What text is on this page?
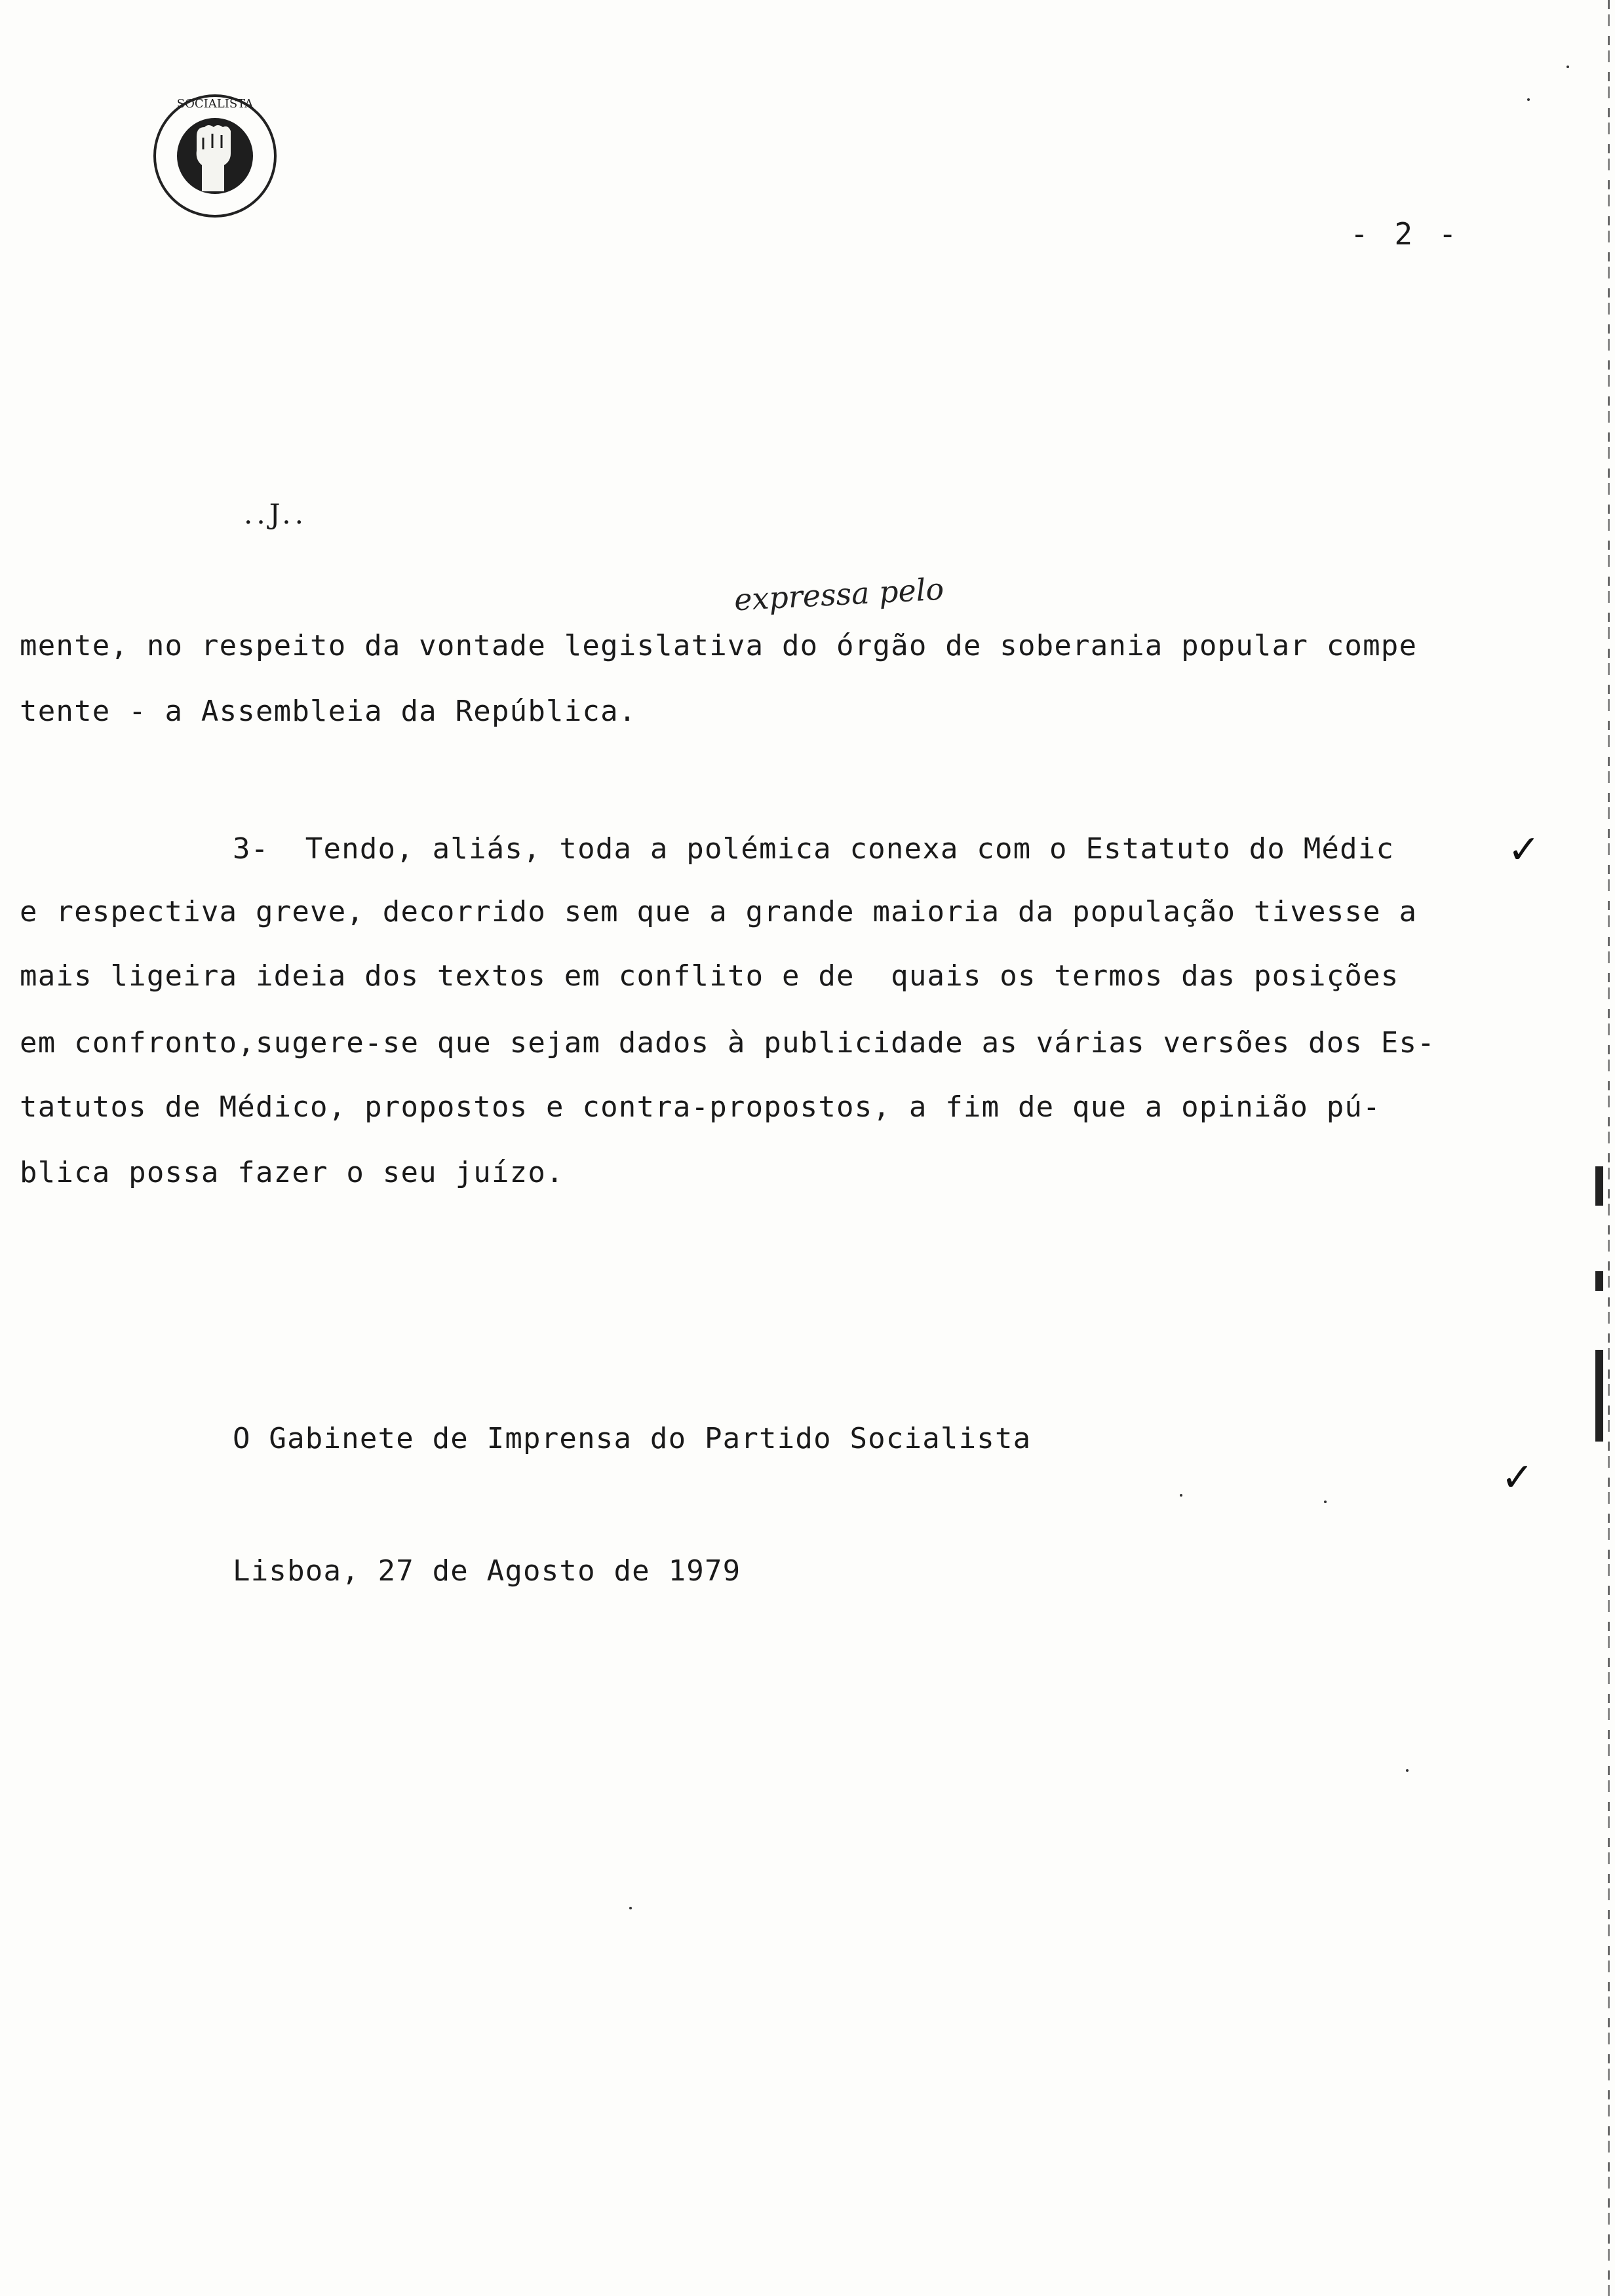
SOCIALISTA
- 2 -
..J..
expressa pelo
mente, no respeito da vontade legislativa do órgão de soberania popular compe
tente - a Assembleia da República.
3-  Tendo, aliás, toda a polémica conexa com o Estatuto do Médic
e respectiva greve, decorrido sem que a grande maioria da população tivesse a
mais ligeira ideia dos textos em conflito e de  quais os termos das posições
em confronto,sugere-se que sejam dados à publicidade as várias versões dos Es-
tatutos de Médico, propostos e contra-propostos, a fim de que a opinião pú-
blica possa fazer o seu juízo.
✓
✓
O Gabinete de Imprensa do Partido Socialista
Lisboa, 27 de Agosto de 1979
